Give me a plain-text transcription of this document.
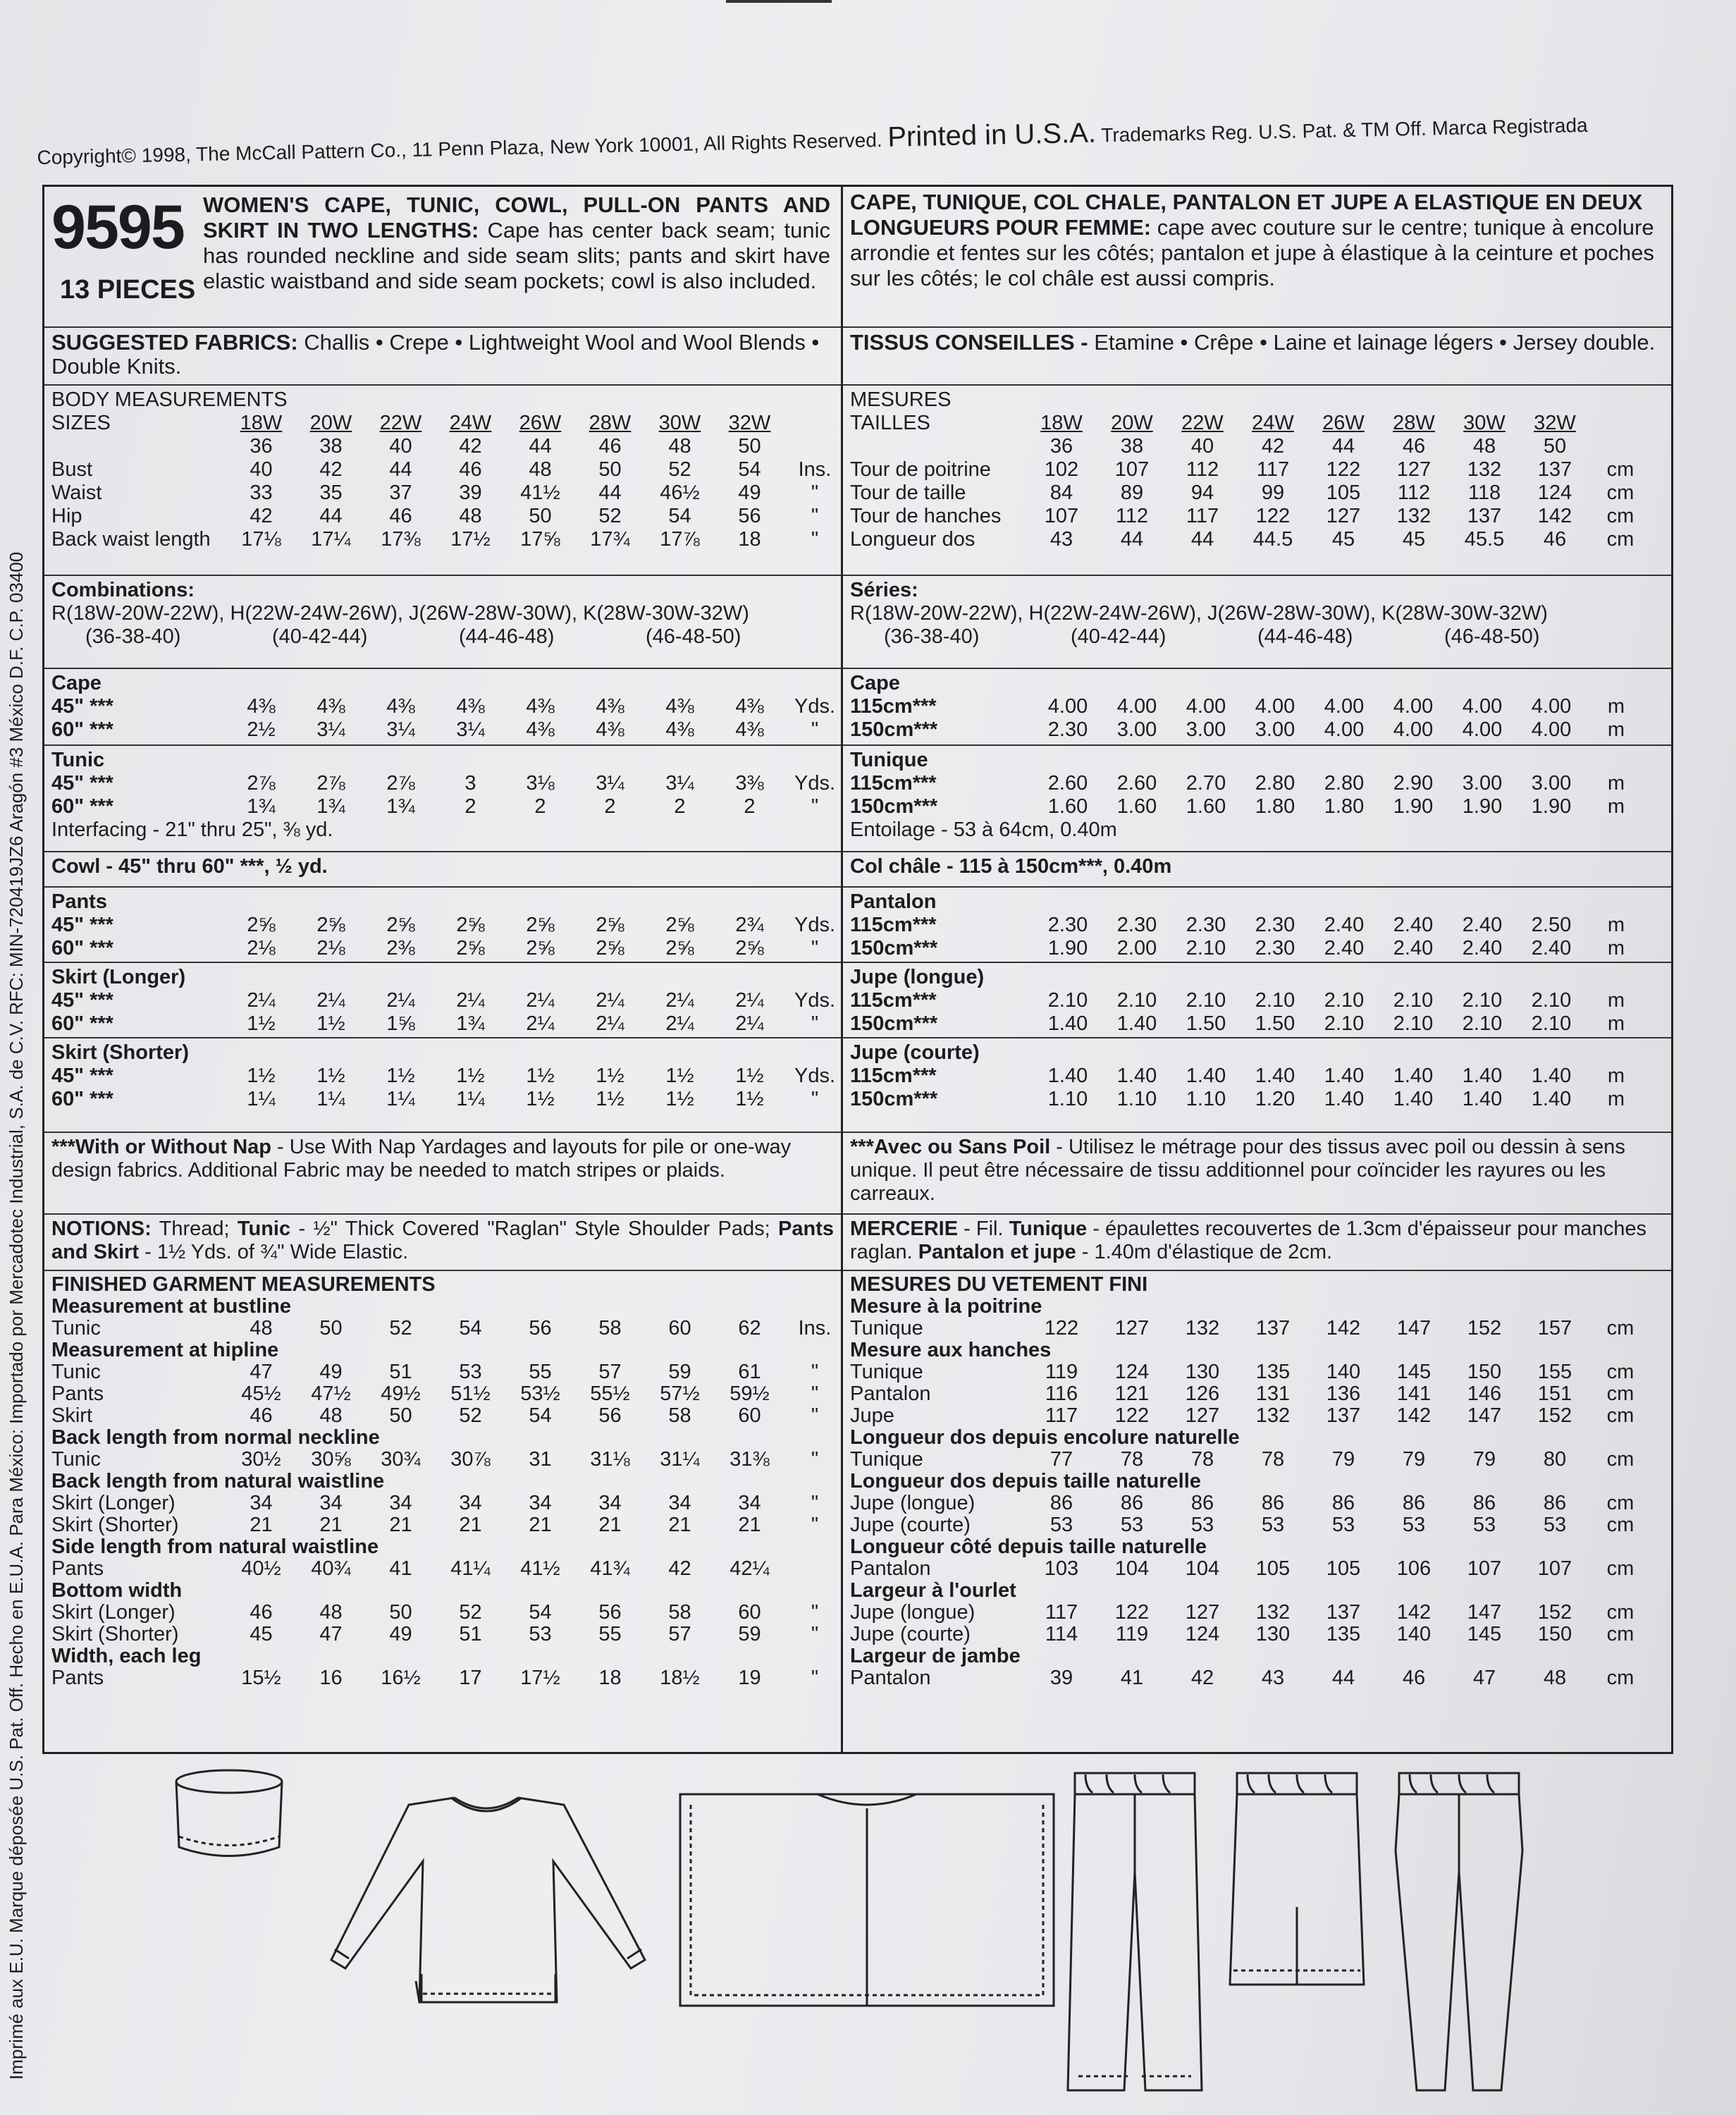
Copyright© 1998, The McCall Pattern Co., 11 Penn Plaza, New York 10001, All Rights Reserved. Printed in U.S.A. Trademarks Reg. U.S. Pat. & TM Off. Marca Registrada
Imprimé aux E.U. Marque déposée U.S. Pat. Off. Hecho en E.U.A. Para México: Importado por Mercadotec Industrial, S.A. de C.V. RFC: MIN-720419JZ6 Aragón #3 México D.F. C.P. 03400
9595
13 PIECES
WOMEN'S CAPE, TUNIC, COWL, PULL-ON PANTS AND SKIRT IN TWO LENGTHS: Cape has center back seam; tunic has rounded neckline and side seam slits; pants and skirt have elastic waistband and side seam pockets; cowl is also included.
SUGGESTED FABRICS: Challis • Crepe • Lightweight Wool and Wool Blends • Double Knits.
BODY MEASUREMENTS
SIZES	18W	20W	22W	24W	26W	28W	30W	32W
36	38	40	42	44	46	48	50
Bust	40	42	44	46	48	50	52	54	Ins.
Waist	33	35	37	39	41½	44	46½	49	"
Hip	42	44	46	48	50	52	54	56	"
Back waist length	17⅛	17¼	17⅜	17½	17⅝	17¾	17⅞	18	"
Combinations:
R(18W-20W-22W), H(22W-24W-26W), J(26W-28W-30W), K(28W-30W-32W)
(36-38-40)	(40-42-44)	(44-46-48)	(46-48-50)
Cape
45" ***	4⅜	4⅜	4⅜	4⅜	4⅜	4⅜	4⅜	4⅜	Yds.
60" ***	2½	3¼	3¼	3¼	4⅜	4⅜	4⅜	4⅜	"
Tunic
45" ***	2⅞	2⅞	2⅞	3	3⅛	3¼	3¼	3⅜	Yds.
60" ***	1¾	1¾	1¾	2	2	2	2	2	"
Interfacing - 21" thru 25", ⅜ yd.
Cowl - 45" thru 60" ***, ½ yd.
Pants
45" ***	2⅝	2⅝	2⅝	2⅝	2⅝	2⅝	2⅝	2¾	Yds.
60" ***	2⅛	2⅛	2⅜	2⅝	2⅝	2⅝	2⅝	2⅝	"
Skirt (Longer)
45" ***	2¼	2¼	2¼	2¼	2¼	2¼	2¼	2¼	Yds.
60" ***	1½	1½	1⅝	1¾	2¼	2¼	2¼	2¼	"
Skirt (Shorter)
45" ***	1½	1½	1½	1½	1½	1½	1½	1½	Yds.
60" ***	1¼	1¼	1¼	1¼	1½	1½	1½	1½	"
***With or Without Nap - Use With Nap Yardages and layouts for pile or one-way design fabrics. Additional Fabric may be needed to match stripes or plaids.
NOTIONS: Thread; Tunic - ½" Thick Covered "Raglan" Style Shoulder Pads; Pants and Skirt - 1½ Yds. of ¾" Wide Elastic.
FINISHED GARMENT MEASUREMENTS
Measurement at bustline
Tunic	48	50	52	54	56	58	60	62	Ins.
Measurement at hipline
Tunic	47	49	51	53	55	57	59	61	"
Pants	45½	47½	49½	51½	53½	55½	57½	59½	"
Skirt	46	48	50	52	54	56	58	60	"
Back length from normal neckline
Tunic	30½	30⅝	30¾	30⅞	31	31⅛	31¼	31⅜	"
Back length from natural waistline
Skirt (Longer)	34	34	34	34	34	34	34	34	"
Skirt (Shorter)	21	21	21	21	21	21	21	21	"
Side length from natural waistline
Pants	40½	40¾	41	41¼	41½	41¾	42	42¼
Bottom width
Skirt (Longer)	46	48	50	52	54	56	58	60	"
Skirt (Shorter)	45	47	49	51	53	55	57	59	"
Width, each leg
Pants	15½	16	16½	17	17½	18	18½	19	"
CAPE, TUNIQUE, COL CHALE, PANTALON ET JUPE A ELASTIQUE EN DEUX LONGUEURS POUR FEMME: cape avec couture sur le centre; tunique à encolure arrondie et fentes sur les côtés; pantalon et jupe à élastique à la ceinture et poches sur les côtés; le col châle est aussi compris.
TISSUS CONSEILLES - Etamine • Crêpe • Laine et lainage légers • Jersey double.
MESURES
TAILLES	18W	20W	22W	24W	26W	28W	30W	32W
36	38	40	42	44	46	48	50
Tour de poitrine	102	107	112	117	122	127	132	137	cm
Tour de taille	84	89	94	99	105	112	118	124	cm
Tour de hanches	107	112	117	122	127	132	137	142	cm
Longueur dos	43	44	44	44.5	45	45	45.5	46	cm
Séries:
R(18W-20W-22W), H(22W-24W-26W), J(26W-28W-30W), K(28W-30W-32W)
(36-38-40)	(40-42-44)	(44-46-48)	(46-48-50)
Cape
115cm***	4.00	4.00	4.00	4.00	4.00	4.00	4.00	4.00	m
150cm***	2.30	3.00	3.00	3.00	4.00	4.00	4.00	4.00	m
Tunique
115cm***	2.60	2.60	2.70	2.80	2.80	2.90	3.00	3.00	m
150cm***	1.60	1.60	1.60	1.80	1.80	1.90	1.90	1.90	m
Entoilage - 53 à 64cm, 0.40m
Col châle - 115 à 150cm***, 0.40m
Pantalon
115cm***	2.30	2.30	2.30	2.30	2.40	2.40	2.40	2.50	m
150cm***	1.90	2.00	2.10	2.30	2.40	2.40	2.40	2.40	m
Jupe (longue)
115cm***	2.10	2.10	2.10	2.10	2.10	2.10	2.10	2.10	m
150cm***	1.40	1.40	1.50	1.50	2.10	2.10	2.10	2.10	m
Jupe (courte)
115cm***	1.40	1.40	1.40	1.40	1.40	1.40	1.40	1.40	m
150cm***	1.10	1.10	1.10	1.20	1.40	1.40	1.40	1.40	m
***Avec ou Sans Poil - Utilisez le métrage pour des tissus avec poil ou dessin à sens unique. Il peut être nécessaire de tissu additionnel pour coïncider les rayures ou les carreaux.
MERCERIE - Fil. Tunique - épaulettes recouvertes de 1.3cm d'épaisseur pour manches raglan. Pantalon et jupe - 1.40m d'élastique de 2cm.
MESURES DU VETEMENT FINI
Mesure à la poitrine
Tunique	122	127	132	137	142	147	152	157	cm
Mesure aux hanches
Tunique	119	124	130	135	140	145	150	155	cm
Pantalon	116	121	126	131	136	141	146	151	cm
Jupe	117	122	127	132	137	142	147	152	cm
Longueur dos depuis encolure naturelle
Tunique	77	78	78	78	79	79	79	80	cm
Longueur dos depuis taille naturelle
Jupe (longue)	86	86	86	86	86	86	86	86	cm
Jupe (courte)	53	53	53	53	53	53	53	53	cm
Longueur côté depuis taille naturelle
Pantalon	103	104	104	105	105	106	107	107	cm
Largeur à l'ourlet
Jupe (longue)	117	122	127	132	137	142	147	152	cm
Jupe (courte)	114	119	124	130	135	140	145	150	cm
Largeur de jambe
Pantalon	39	41	42	43	44	46	47	48	cm
